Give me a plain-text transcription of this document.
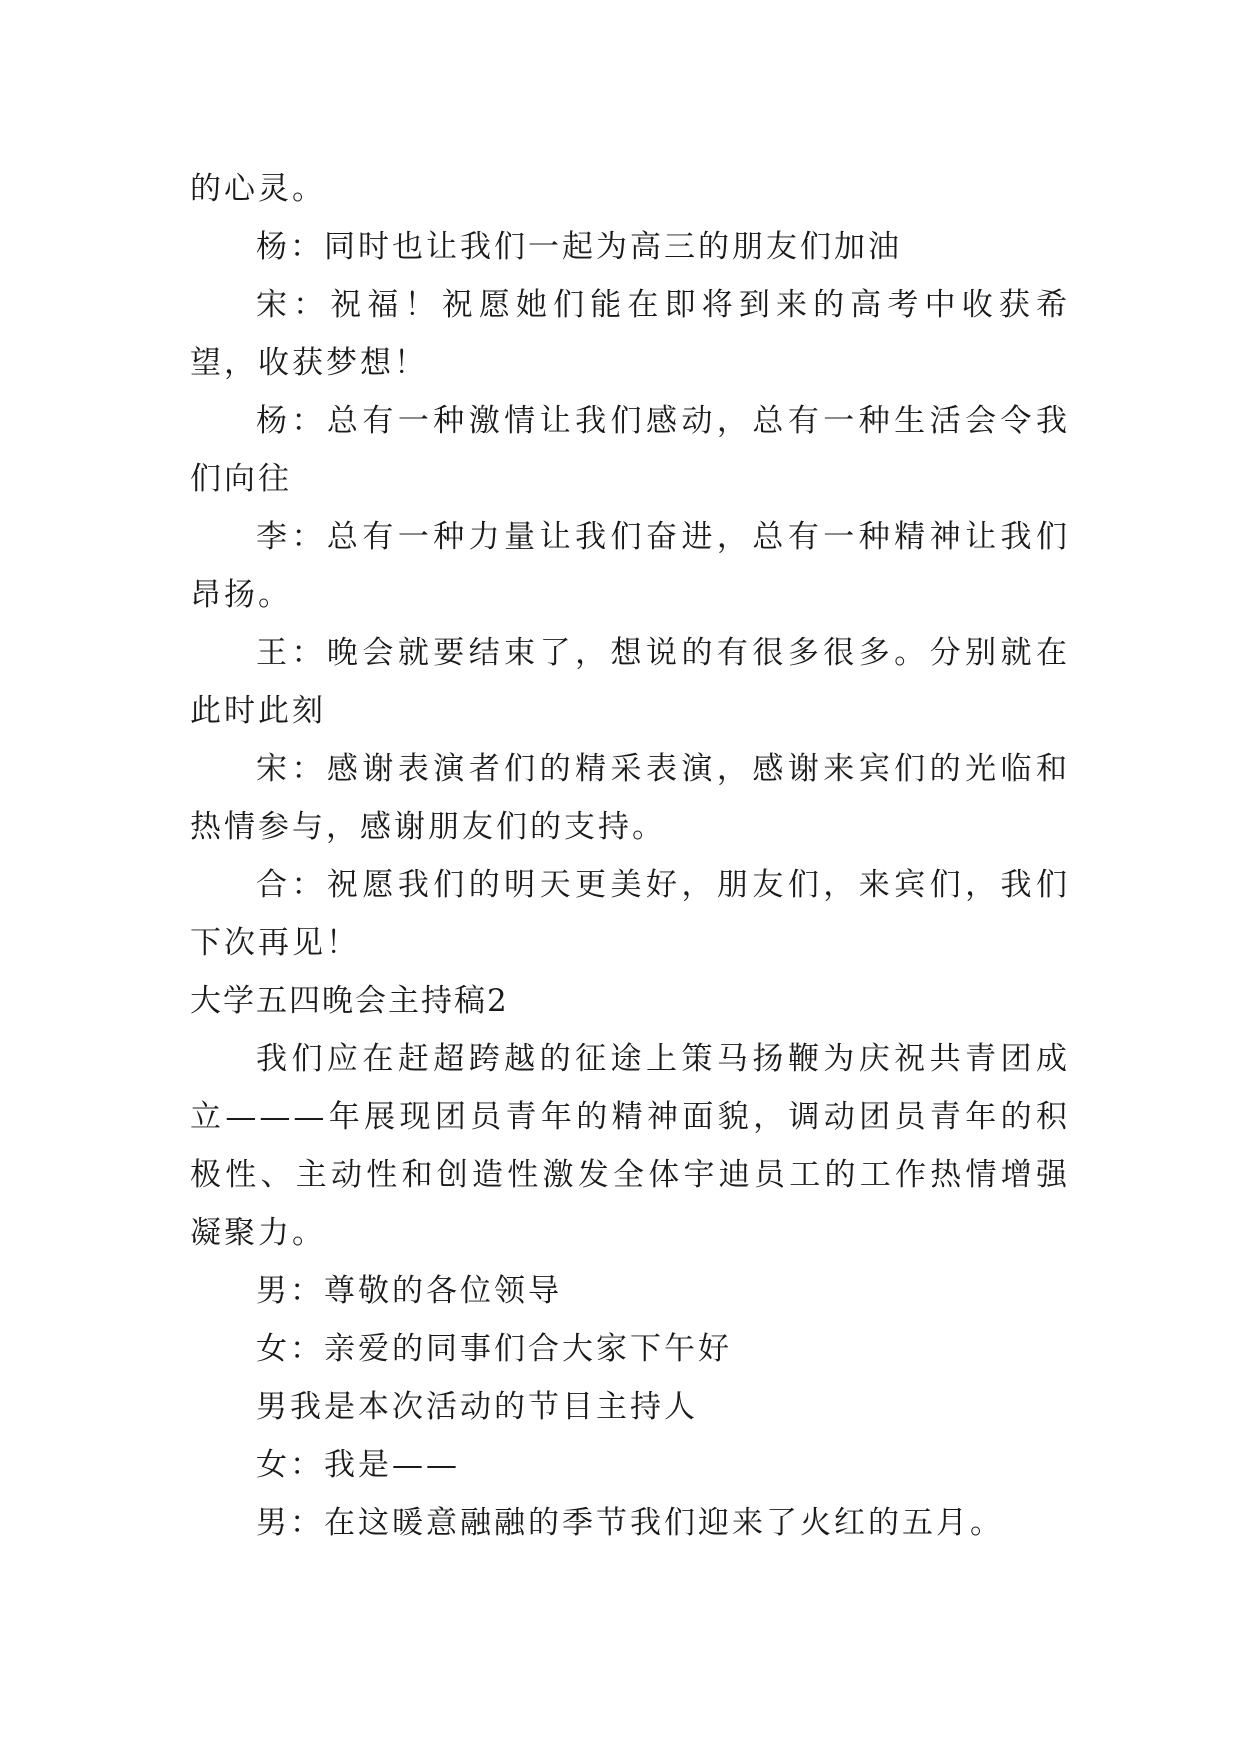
的心灵。

杨：同时也让我们一起为高三的朋友们加油

宋：祝福！祝愿她们能在即将到来的高考中收获希望，收获梦想！

杨：总有一种激情让我们感动，总有一种生活会令我们向往

李：总有一种力量让我们奋进，总有一种精神让我们昂扬。

王：晚会就要结束了，想说的有很多很多。分别就在此时此刻

宋：感谢表演者们的精采表演，感谢来宾们的光临和热情参与，感谢朋友们的支持。

合：祝愿我们的明天更美好，朋友们，来宾们，我们下次再见！

大学五四晚会主持稿2

我们应在赶超跨越的征途上策马扬鞭为庆祝共青团成立———年展现团员青年的精神面貌，调动团员青年的积极性、主动性和创造性激发全体宇迪员工的工作热情增强凝聚力。

男：尊敬的各位领导

女：亲爱的同事们合大家下午好

男我是本次活动的节目主持人

女：我是——

男：在这暖意融融的季节我们迎来了火红的五月。
